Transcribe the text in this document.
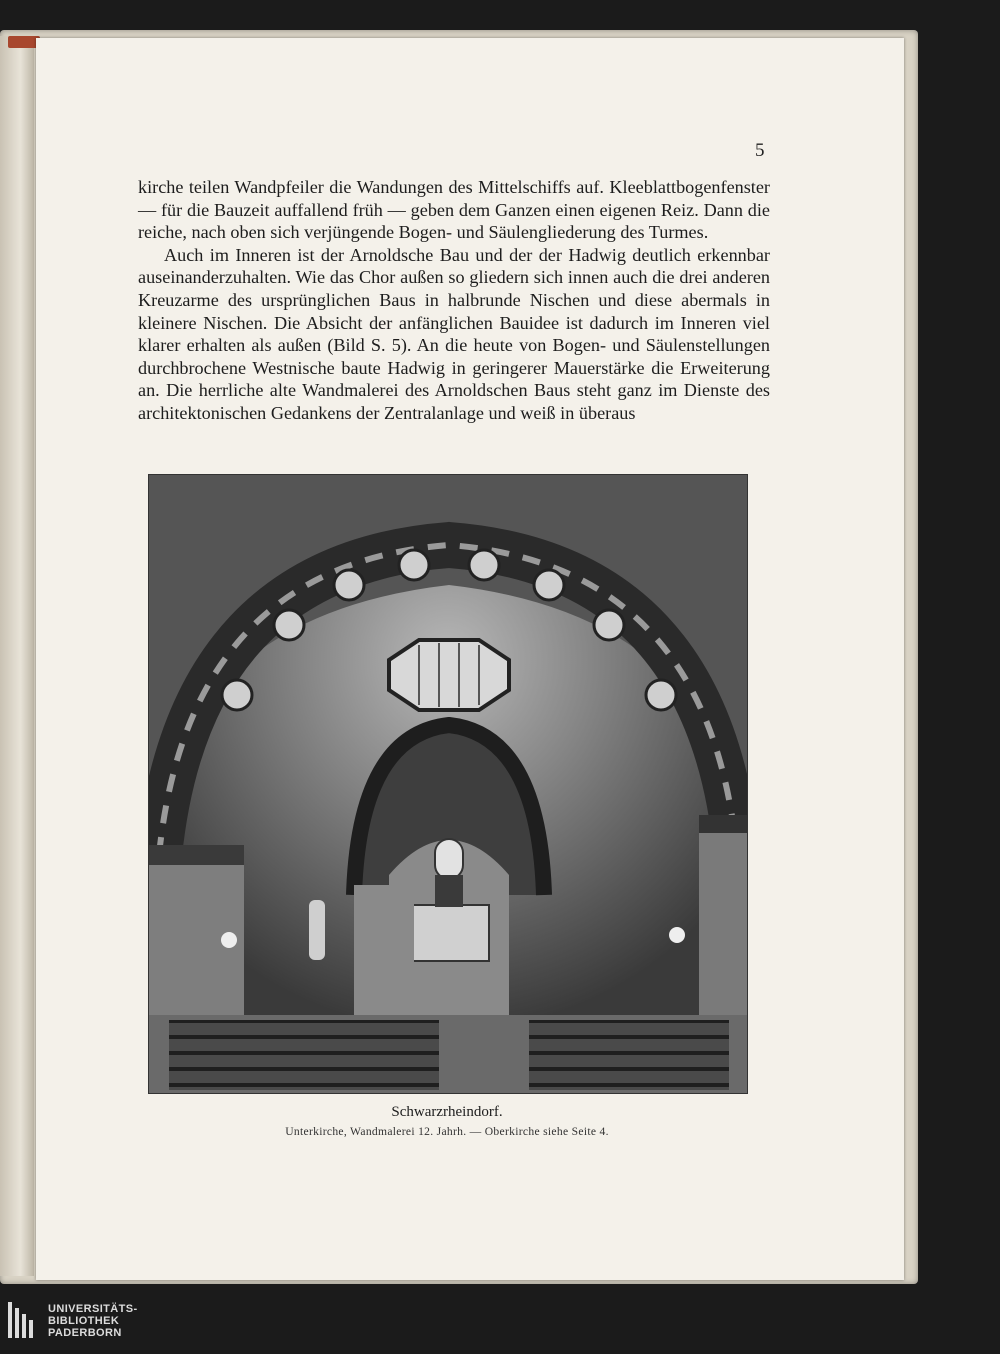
5

kirche teilen Wandpfeiler die Wandungen des Mittelschiffs auf. Kleeblattbogenfenster — für die Bauzeit auffallend früh — geben dem Ganzen einen eigenen Reiz. Dann die reiche, nach oben sich verjüngende Bogen- und Säulengliederung des Turmes.

Auch im Inneren ist der Arnoldsche Bau und der der Hadwig deutlich erkennbar auseinanderzuhalten. Wie das Chor außen so gliedern sich innen auch die drei anderen Kreuzarme des ursprünglichen Baus in halbrunde Nischen und diese abermals in kleinere Nischen. Die Absicht der anfänglichen Bauidee ist dadurch im Inneren viel klarer erhalten als außen (Bild S. 5). An die heute von Bogen- und Säulenstellungen durchbrochene Westnische baute Hadwig in geringerer Mauerstärke die Erweiterung an. Die herrliche alte Wandmalerei des Arnoldschen Baus steht ganz im Dienste des architektonischen Gedankens der Zentralanlage und weiß in überaus

Schwarzrheindorf.
Unterkirche, Wandmalerei 12. Jahrh. — Oberkirche siehe Seite 4.
UNIVERSITÄTS-
BIBLIOTHEK
PADERBORN
